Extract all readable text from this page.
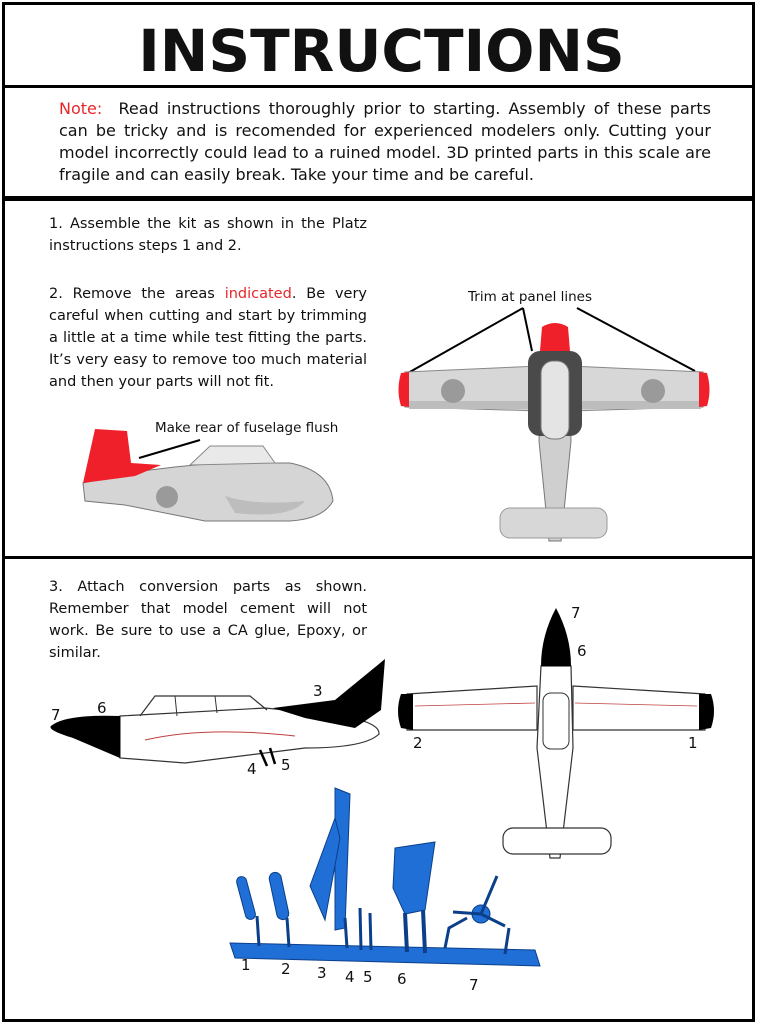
INSTRUCTIONS

Note: Read instructions thoroughly prior to starting. Assembly of these parts can be tricky and is recomended for experienced modelers only. Cutting your model incorrectly could lead to a ruined model. 3D printed parts in this scale are fragile and can easily break. Take your time and be careful.

1. Assemble the kit as shown in the Platz instructions steps 1 and 2.

2. Remove the areas indicated. Be very careful when cutting and start by trimming a little at a time while test fitting the parts. It’s very easy to remove too much material and then your parts will not fit.

Trim at panel lines
Make rear of fuselage flush

3. Attach conversion parts as shown. Remember that model cement will not work. Be sure to use a CA glue, Epoxy, or similar.

7 6
3
4 5
7
6
2	1
1 2 3 4 5 6	7
